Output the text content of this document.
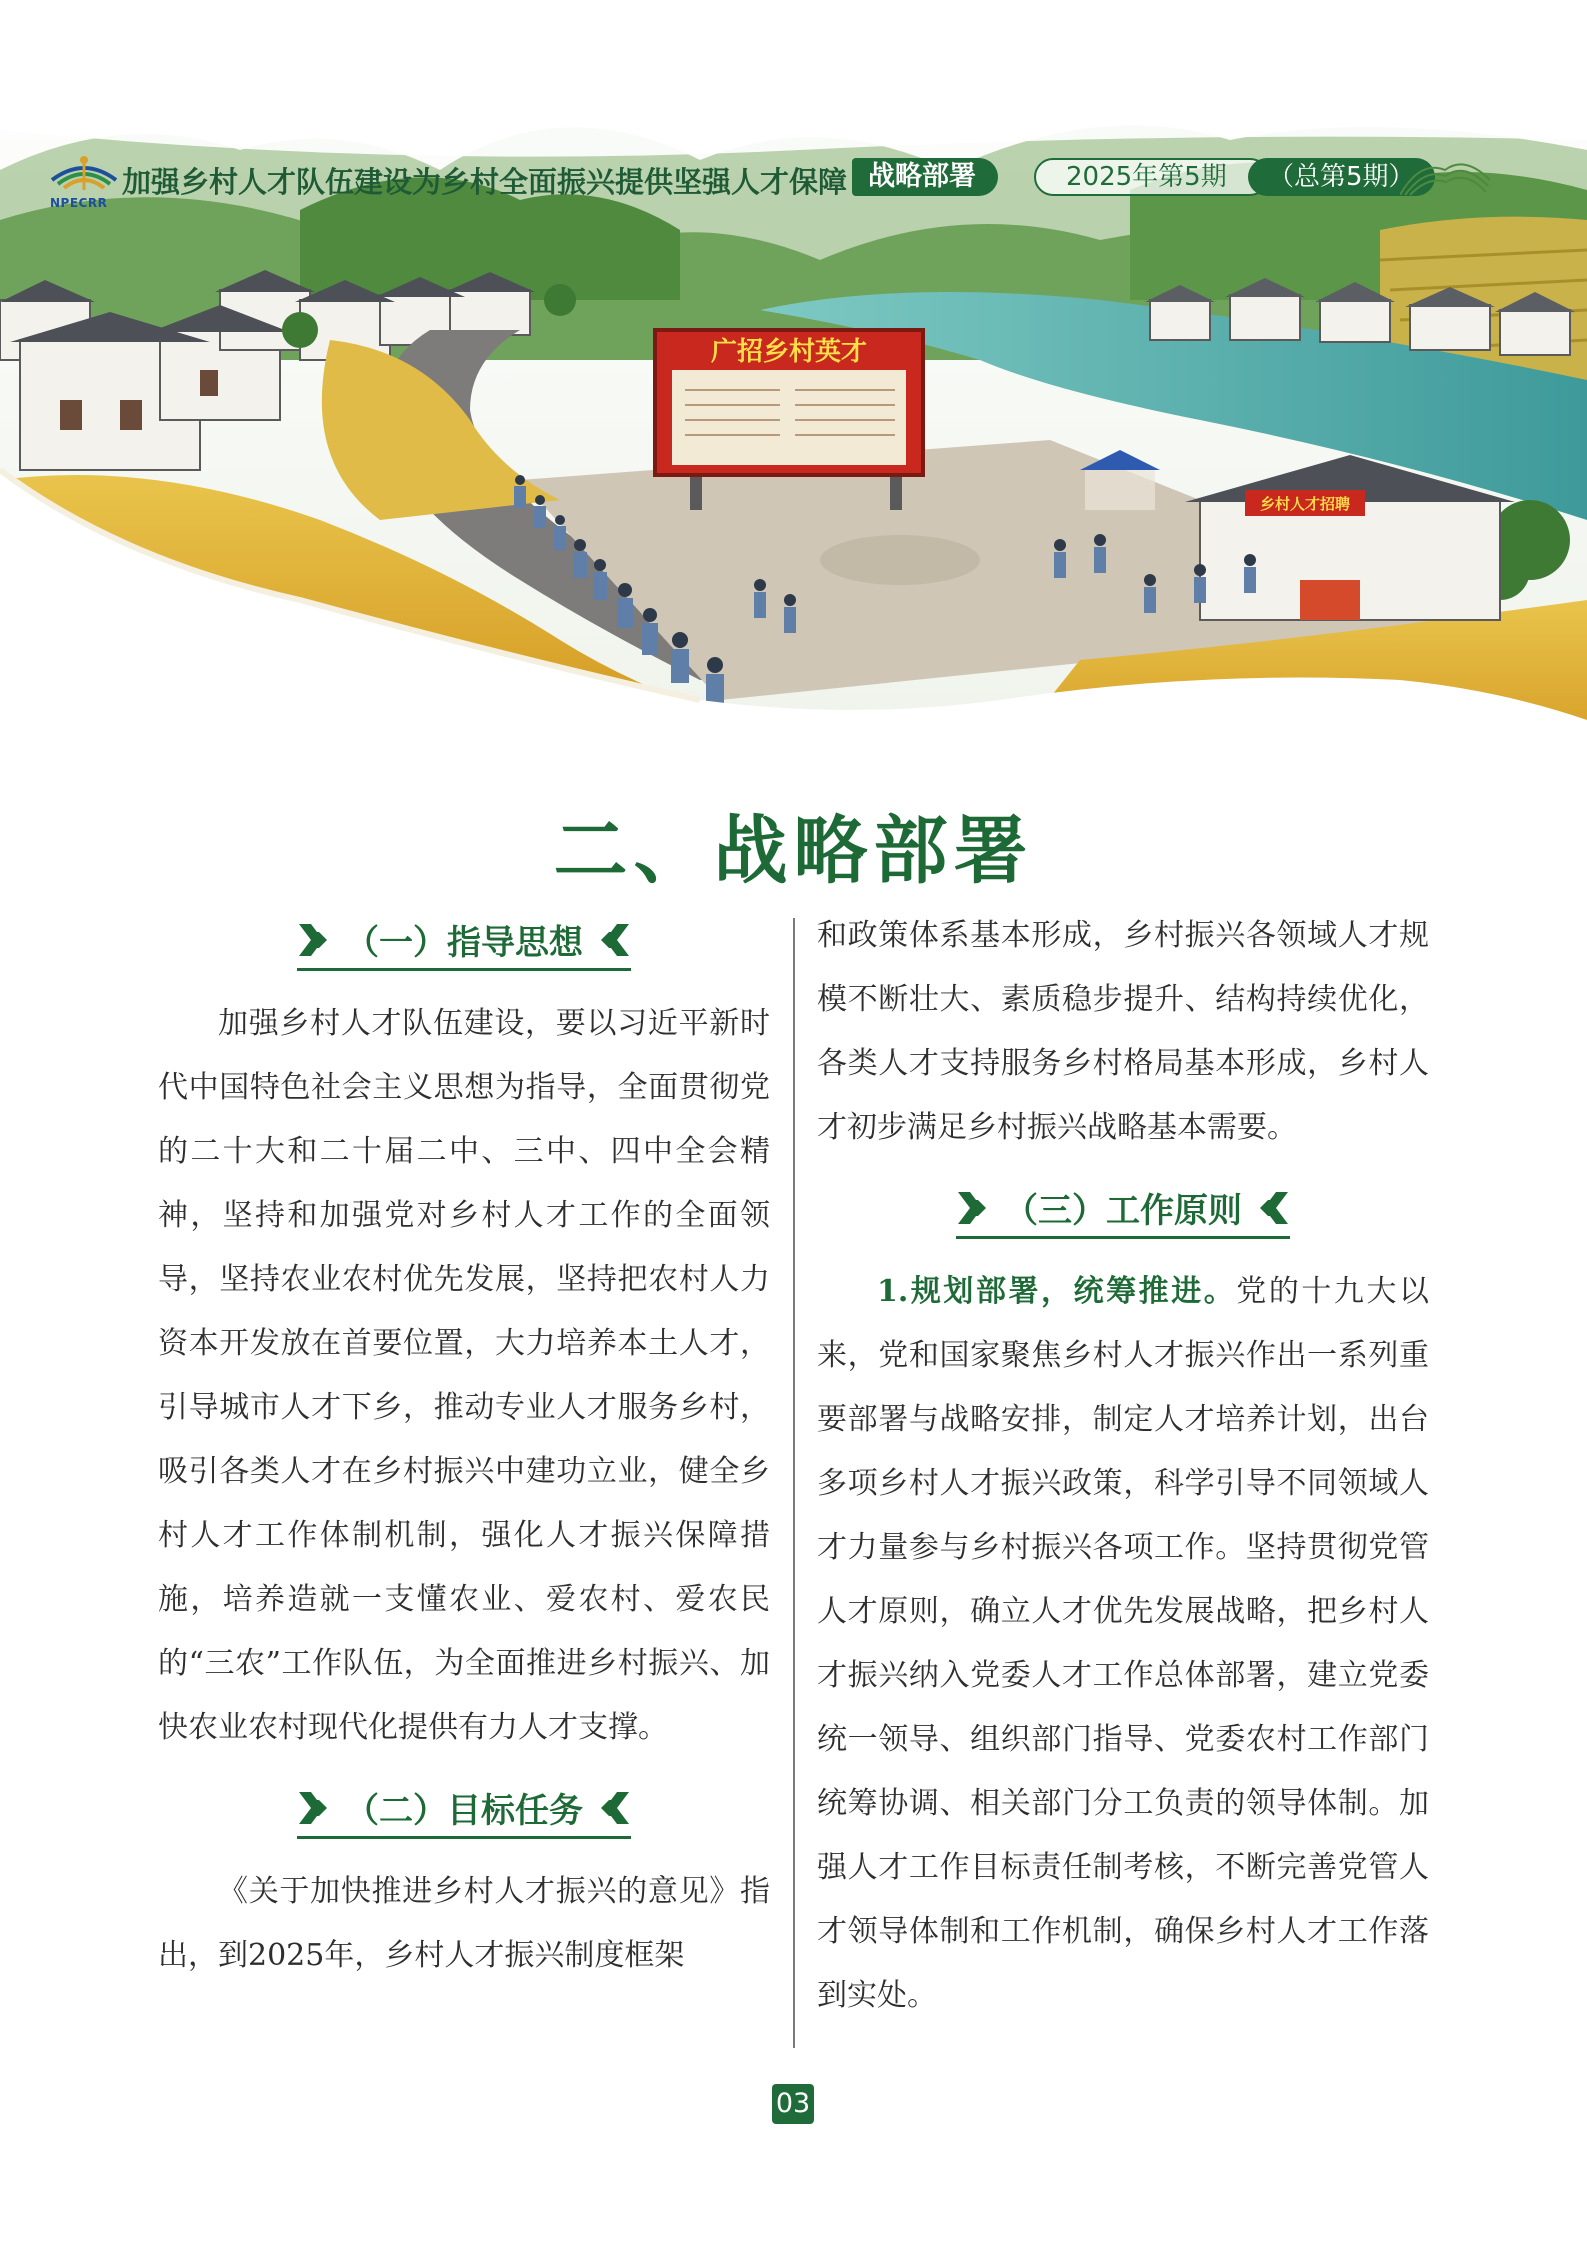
广招乡村英才
乡村人才招聘
NPECRR
加强乡村人才队伍建设为乡村全面振兴提供坚强人才保障 战略部署	2025年第5期	（总第5期）
二、战略部署
（一）指导思想

加强乡村人才队伍建设，要以习近平新时代中国特色社会主义思想为指导，全面贯彻党的二十大和二十届二中、三中、四中全会精神，坚持和加强党对乡村人才工作的全面领导，坚持农业农村优先发展，坚持把农村人力资本开发放在首要位置，大力培养本土人才，引导城市人才下乡，推动专业人才服务乡村，吸引各类人才在乡村振兴中建功立业，健全乡村人才工作体制机制，强化人才振兴保障措施，培养造就一支懂农业、爱农村、爱农民的“三农”工作队伍，为全面推进乡村振兴、加快农业农村现代化提供有力人才支撑。

（二）目标任务

《关于加快推进乡村人才振兴的意见》指出，到2025年，乡村人才振兴制度框架

和政策体系基本形成，乡村振兴各领域人才规模不断壮大、素质稳步提升、结构持续优化，各类人才支持服务乡村格局基本形成，乡村人才初步满足乡村振兴战略基本需要。

（三）工作原则

1.规划部署，统筹推进。党的十九大以来，党和国家聚焦乡村人才振兴作出一系列重要部署与战略安排，制定人才培养计划，出台多项乡村人才振兴政策，科学引导不同领域人才力量参与乡村振兴各项工作。坚持贯彻党管人才原则，确立人才优先发展战略，把乡村人才振兴纳入党委人才工作总体部署，建立党委统一领导、组织部门指导、党委农村工作部门统筹协调、相关部门分工负责的领导体制。加强人才工作目标责任制考核，不断完善党管人才领导体制和工作机制，确保乡村人才工作落到实处。

03
